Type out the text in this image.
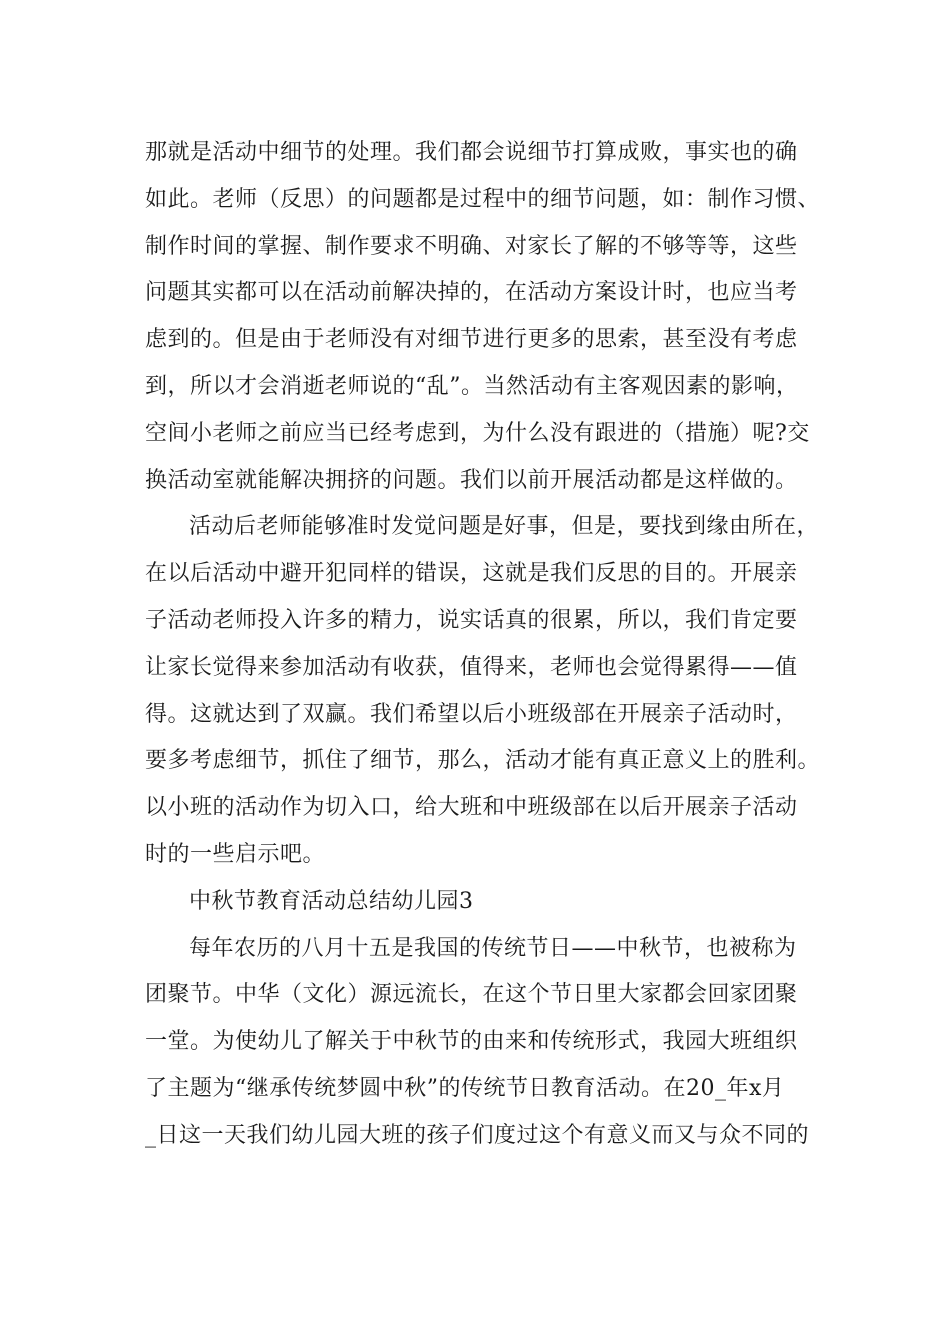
那就是活动中细节的处理。我们都会说细节打算成败，事实也的确
如此。老师（反思）的问题都是过程中的细节问题，如：制作习惯、
制作时间的掌握、制作要求不明确、对家长了解的不够等等，这些
问题其实都可以在活动前解决掉的，在活动方案设计时，也应当考
虑到的。但是由于老师没有对细节进行更多的思索，甚至没有考虑
到，所以才会消逝老师说的“乱”。当然活动有主客观因素的影响，
空间小老师之前应当已经考虑到，为什么没有跟进的（措施）呢?交
换活动室就能解决拥挤的问题。我们以前开展活动都是这样做的。
活动后老师能够准时发觉问题是好事，但是，要找到缘由所在，
在以后活动中避开犯同样的错误，这就是我们反思的目的。开展亲
子活动老师投入许多的精力，说实话真的很累，所以，我们肯定要
让家长觉得来参加活动有收获，值得来，老师也会觉得累得——值
得。这就达到了双赢。我们希望以后小班级部在开展亲子活动时，
要多考虑细节，抓住了细节，那么，活动才能有真正意义上的胜利。
以小班的活动作为切入口，给大班和中班级部在以后开展亲子活动
时的一些启示吧。
中秋节教育活动总结幼儿园3
每年农历的八月十五是我国的传统节日——中秋节，也被称为
团聚节。中华（文化）源远流长，在这个节日里大家都会回家团聚
一堂。为使幼儿了解关于中秋节的由来和传统形式，我园大班组织
了主题为“继承传统梦圆中秋”的传统节日教育活动。在20_年x月
_日这一天我们幼儿园大班的孩子们度过这个有意义而又与众不同的
